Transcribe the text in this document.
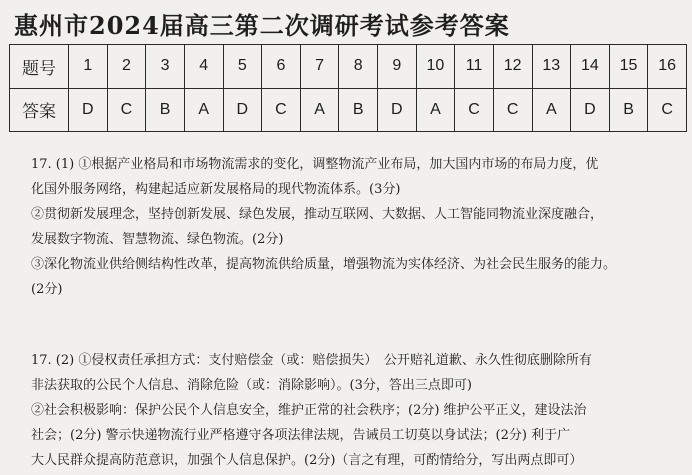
惠州市2024届高三第二次调研考试参考答案
题号	1	2	3	4	5	6	7	8	9	10	11	12	13	14	15	16
答案	D	C	B	A	D	C	A	B	D	A	C	C	A	D	B	C
17. (1) ①根据产业格局和市场物流需求的变化，调整物流产业布局，加大国内市场的布局力度，优
化国外服务网络，构建起适应新发展格局的现代物流体系。(3分)
②贯彻新发展理念，坚持创新发展、绿色发展，推动互联网、大数据、人工智能同物流业深度融合，
发展数字物流、智慧物流、绿色物流。(2分)
③深化物流业供给侧结构性改革，提高物流供给质量，增强物流为实体经济、为社会民生服务的能力。
(2分)
17. (2) ①侵权责任承担方式：支付赔偿金（或：赔偿损失）　公开赔礼道歉、永久性彻底删除所有
非法获取的公民个人信息、消除危险（或：消除影响）。(3分，答出三点即可)
②社会积极影响：保护公民个人信息安全，维护正常的社会秩序；(2分) 维护公平正义，建设法治
社会；(2分) 警示快递物流行业严格遵守各项法律法规，告诫员工切莫以身试法；(2分) 利于广
大人民群众提高防范意识，加强个人信息保护。(2分)（言之有理，可酌情给分，写出两点即可）
